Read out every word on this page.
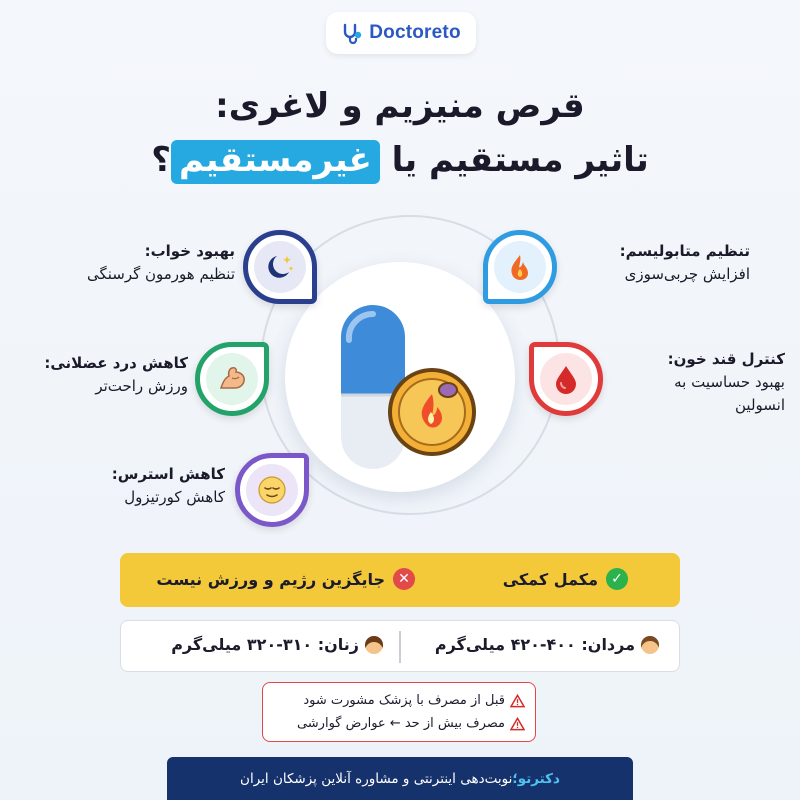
Doctoreto
قرص منیزیم و لاغری:
تاثیر مستقیم یا غیرمستقیم؟
تنظیم متابولیسم:
افزایش چربی‌سوزی
بهبود خواب:
تنظیم هورمون گرسنگی
کنترل قند خون:
بهبود حساسیت به
انسولین
کاهش درد عضلانی:
ورزش راحت‌تر
کاهش استرس:
کاهش کورتیزول
✓
مکمل کمکی
✕
جایگزین رژیم و ورزش نیست
مردان: ۴۰۰-۴۲۰ میلی‌گرم
زنان: ۳۱۰-۳۲۰ میلی‌گرم
قبل از مصرف با پزشک مشورت شود
مصرف بیش از حد ← عوارض گوارشی
دکترتو؛
نوبت‌دهی اینترنتی و مشاوره آنلاین پزشکان ایران
